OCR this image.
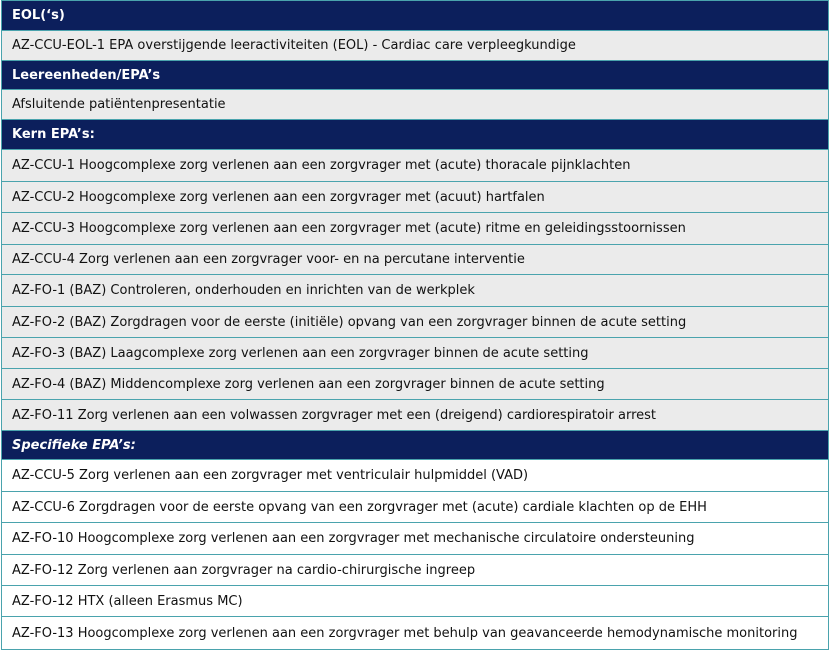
EOL(‘s)
AZ-CCU-EOL-1 EPA overstijgende leeractiviteiten (EOL) - Cardiac care verpleegkundige
Leereenheden/EPA’s
Afsluitende patiëntenpresentatie
Kern EPA’s:
AZ-CCU-1 Hoogcomplexe zorg verlenen aan een zorgvrager met (acute) thoracale pijnklachten
AZ-CCU-2 Hoogcomplexe zorg verlenen aan een zorgvrager met (acuut) hartfalen
AZ-CCU-3 Hoogcomplexe zorg verlenen aan een zorgvrager met (acute) ritme en geleidingsstoornissen
AZ-CCU-4 Zorg verlenen aan een zorgvrager voor- en na percutane interventie
AZ-FO-1 (BAZ) Controleren, onderhouden en inrichten van de werkplek
AZ-FO-2 (BAZ) Zorgdragen voor de eerste (initiële) opvang van een zorgvrager binnen de acute setting
AZ-FO-3 (BAZ) Laagcomplexe zorg verlenen aan een zorgvrager binnen de acute setting
AZ-FO-4 (BAZ) Middencomplexe zorg verlenen aan een zorgvrager binnen de acute setting
AZ-FO-11 Zorg verlenen aan een volwassen zorgvrager met een (dreigend) cardiorespiratoir arrest
Specifieke EPA’s:
AZ-CCU-5 Zorg verlenen aan een zorgvrager met ventriculair hulpmiddel (VAD)
AZ-CCU-6 Zorgdragen voor de eerste opvang van een zorgvrager met (acute) cardiale klachten op de EHH
AZ-FO-10 Hoogcomplexe zorg verlenen aan een zorgvrager met mechanische circulatoire ondersteuning
AZ-FO-12 Zorg verlenen aan zorgvrager na cardio-chirurgische ingreep
AZ-FO-12 HTX (alleen Erasmus MC)
AZ-FO-13 Hoogcomplexe zorg verlenen aan een zorgvrager met behulp van geavanceerde hemodynamische monitoring
